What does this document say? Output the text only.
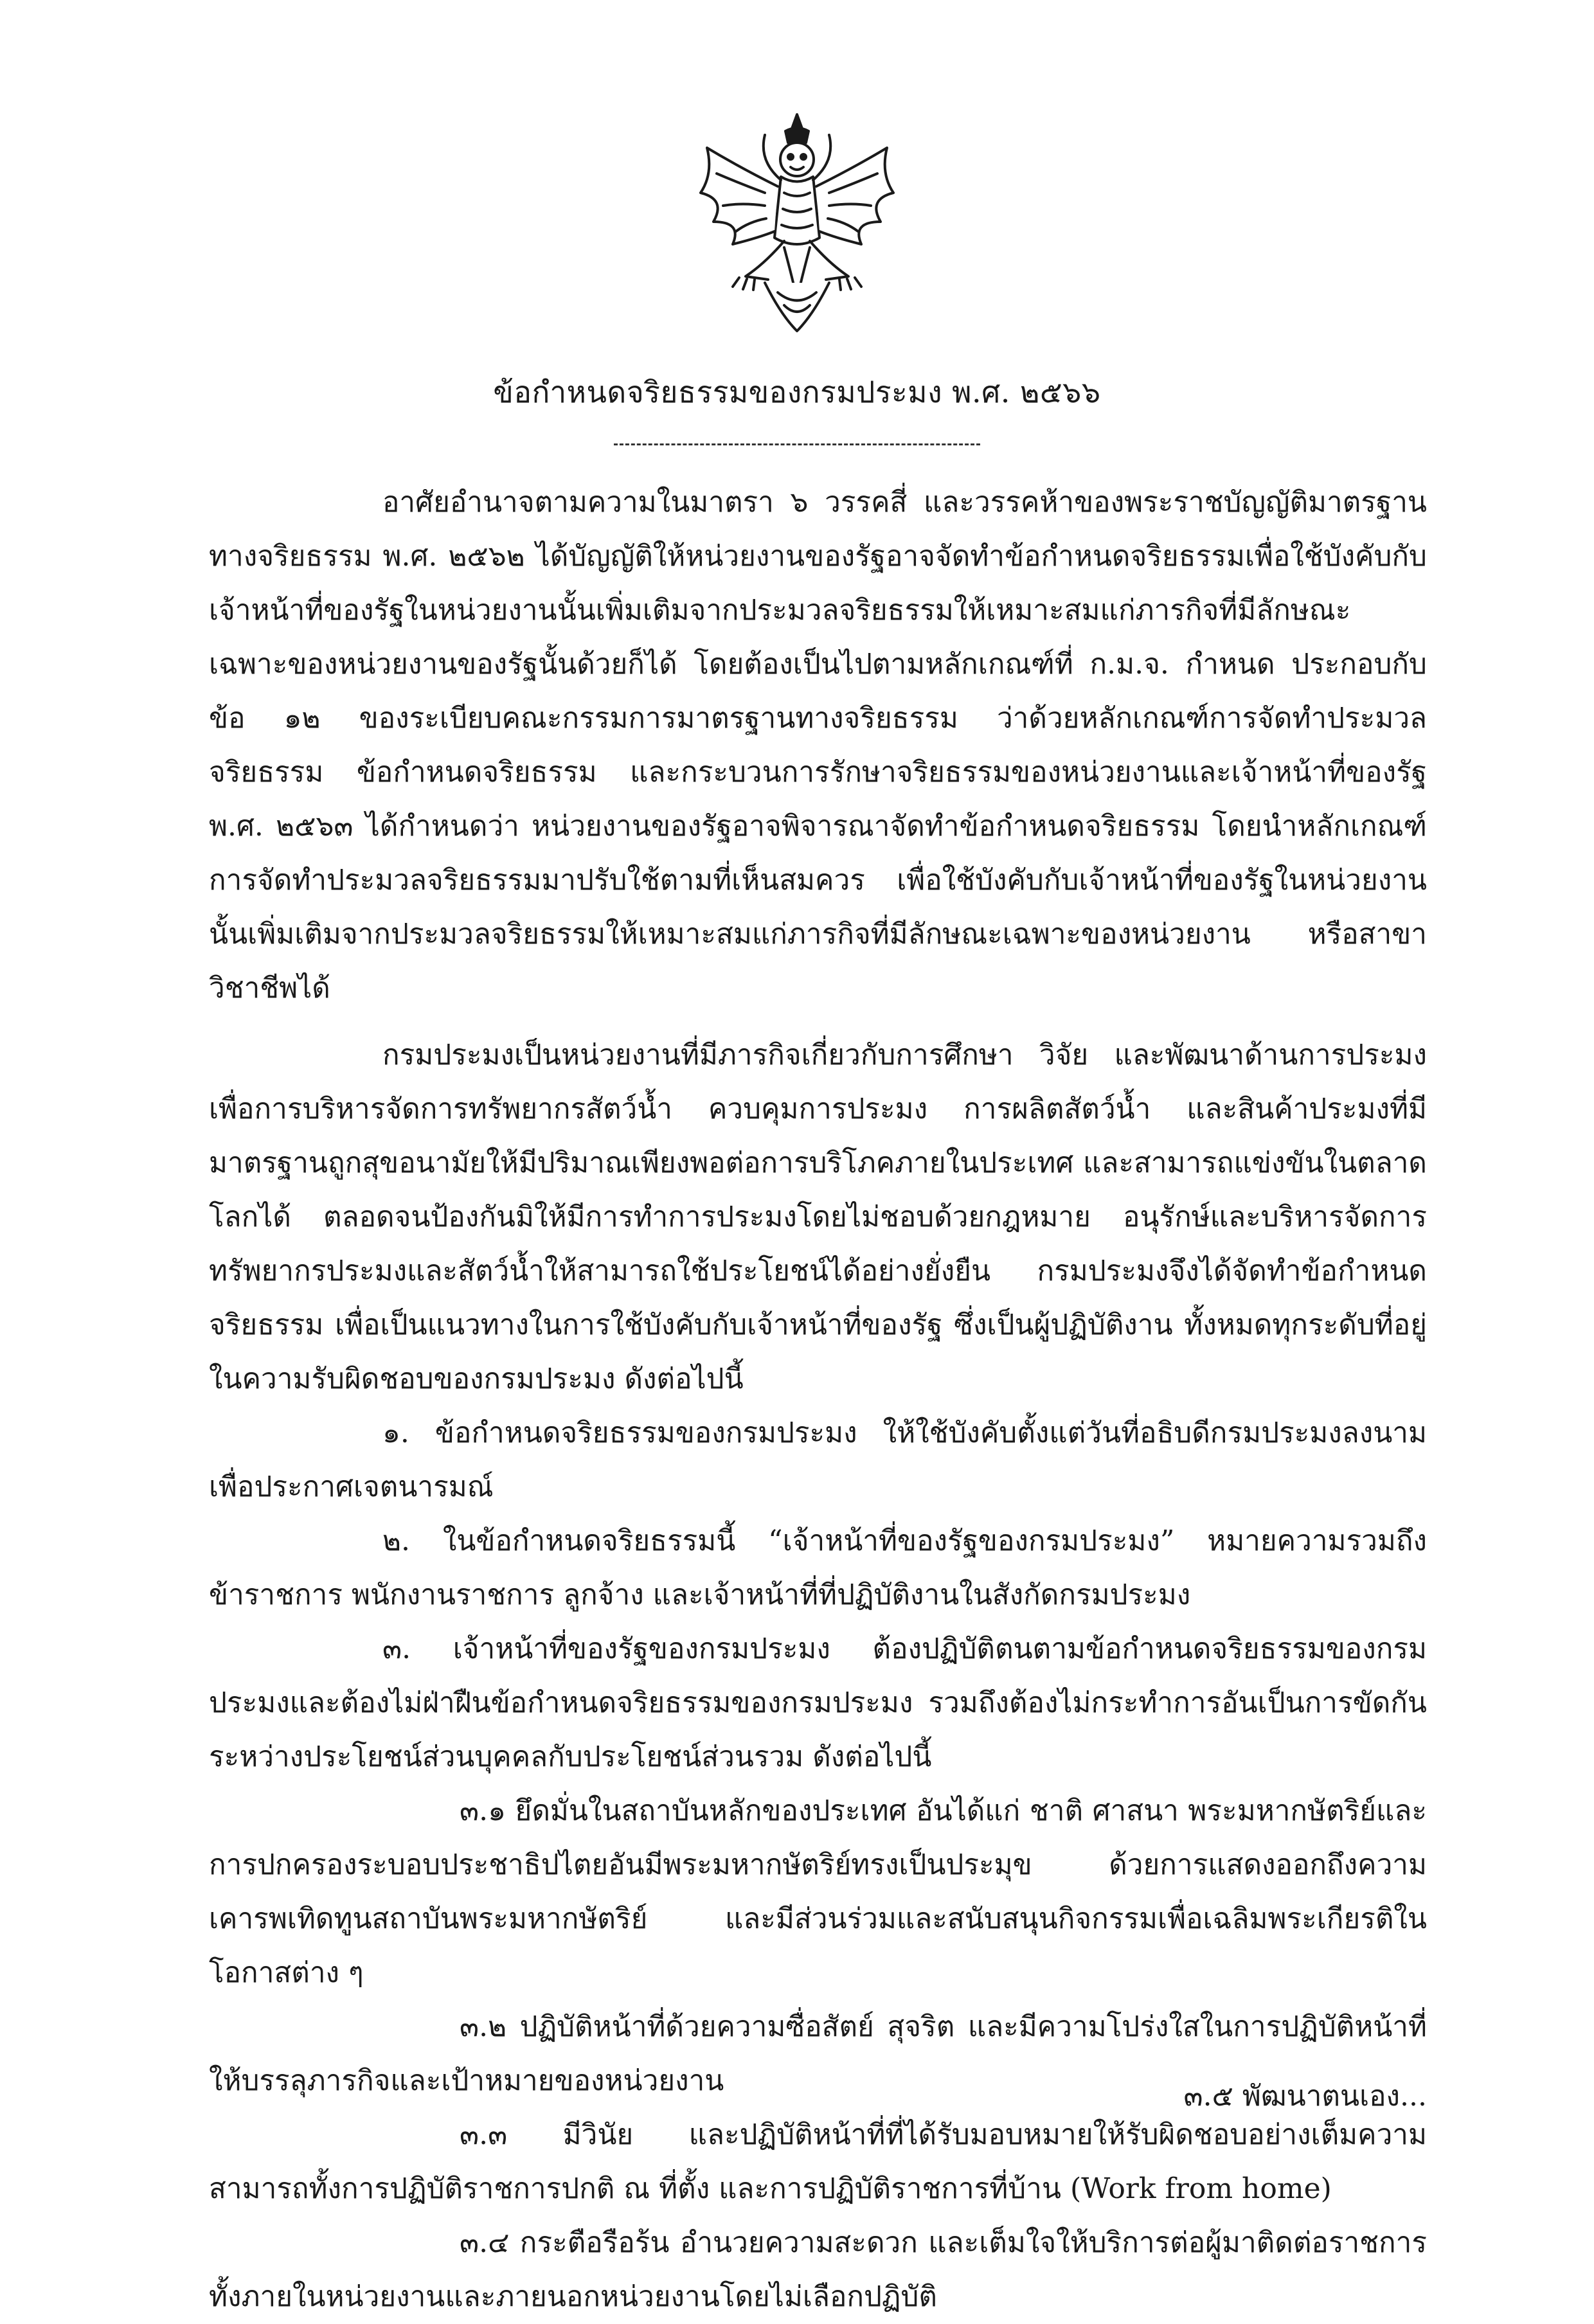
ข้อกำหนดจริยธรรมของกรมประมง พ.ศ. ๒๕๖๖

อาศัยอำนาจตามความในมาตรา ๖ วรรคสี่ และวรรคห้าของพระราชบัญญัติมาตรฐานทางจริยธรรม พ.ศ. ๒๕๖๒ ได้บัญญัติให้หน่วยงานของรัฐอาจจัดทำข้อกำหนดจริยธรรมเพื่อใช้บังคับกับเจ้าหน้าที่ของรัฐในหน่วยงานนั้นเพิ่มเติมจากประมวลจริยธรรมให้เหมาะสมแก่ภารกิจที่มีลักษณะเฉพาะของหน่วยงานของรัฐนั้นด้วยก็ได้ โดยต้องเป็นไปตามหลักเกณฑ์ที่ ก.ม.จ. กำหนด ประกอบกับข้อ ๑๒ ของระเบียบคณะกรรมการมาตรฐานทางจริยธรรม ว่าด้วยหลักเกณฑ์การจัดทำประมวลจริยธรรม ข้อกำหนดจริยธรรม และกระบวนการรักษาจริยธรรมของหน่วยงานและเจ้าหน้าที่ของรัฐ พ.ศ. ๒๕๖๓ ได้กำหนดว่า หน่วยงานของรัฐอาจพิจารณาจัดทำข้อกำหนดจริยธรรม โดยนำหลักเกณฑ์การจัดทำประมวลจริยธรรมมาปรับใช้ตามที่เห็นสมควร เพื่อใช้บังคับกับเจ้าหน้าที่ของรัฐในหน่วยงานนั้นเพิ่มเติมจากประมวลจริยธรรมให้เหมาะสมแก่ภารกิจที่มีลักษณะเฉพาะของหน่วยงาน หรือสาขาวิชาชีพได้

กรมประมงเป็นหน่วยงานที่มีภารกิจเกี่ยวกับการศึกษา วิจัย และพัฒนาด้านการประมงเพื่อการบริหารจัดการทรัพยากรสัตว์น้ำ ควบคุมการประมง การผลิตสัตว์น้ำ และสินค้าประมงที่มีมาตรฐานถูกสุขอนามัยให้มีปริมาณเพียงพอต่อการบริโภคภายในประเทศ และสามารถแข่งขันในตลาดโลกได้ ตลอดจนป้องกันมิให้มีการทำการประมงโดยไม่ชอบด้วยกฎหมาย อนุรักษ์และบริหารจัดการทรัพยากรประมงและสัตว์น้ำให้สามารถใช้ประโยชน์ได้อย่างยั่งยืน กรมประมงจึงได้จัดทำข้อกำหนดจริยธรรม เพื่อเป็นแนวทางในการใช้บังคับกับเจ้าหน้าที่ของรัฐ ซึ่งเป็นผู้ปฏิบัติงาน ทั้งหมดทุกระดับที่อยู่ในความรับผิดชอบของกรมประมง ดังต่อไปนี้

๑. ข้อกำหนดจริยธรรมของกรมประมง ให้ใช้บังคับตั้งแต่วันที่อธิบดีกรมประมงลงนามเพื่อประกาศเจตนารมณ์

๒. ในข้อกำหนดจริยธรรมนี้ “เจ้าหน้าที่ของรัฐของกรมประมง” หมายความรวมถึงข้าราชการ พนักงานราชการ ลูกจ้าง และเจ้าหน้าที่ที่ปฏิบัติงานในสังกัดกรมประมง

๓. เจ้าหน้าที่ของรัฐของกรมประมง ต้องปฏิบัติตนตามข้อกำหนดจริยธรรมของกรมประมงและต้องไม่ฝ่าฝืนข้อกำหนดจริยธรรมของกรมประมง รวมถึงต้องไม่กระทำการอันเป็นการขัดกันระหว่างประโยชน์ส่วนบุคคลกับประโยชน์ส่วนรวม ดังต่อไปนี้

๓.๑ ยึดมั่นในสถาบันหลักของประเทศ อันได้แก่ ชาติ ศาสนา พระมหากษัตริย์และการปกครองระบอบประชาธิปไตยอันมีพระมหากษัตริย์ทรงเป็นประมุข ด้วยการแสดงออกถึงความเคารพเทิดทูนสถาบันพระมหากษัตริย์ และมีส่วนร่วมและสนับสนุนกิจกรรมเพื่อเฉลิมพระเกียรติในโอกาสต่าง ๆ

๓.๒ ปฏิบัติหน้าที่ด้วยความซื่อสัตย์ สุจริต และมีความโปร่งใสในการปฏิบัติหน้าที่ให้บรรลุภารกิจและเป้าหมายของหน่วยงาน

๓.๓ มีวินัย และปฏิบัติหน้าที่ที่ได้รับมอบหมายให้รับผิดชอบอย่างเต็มความสามารถทั้งการปฏิบัติราชการปกติ ณ ที่ตั้ง และการปฏิบัติราชการที่บ้าน (Work from home)

๓.๔ กระตือรือร้น อำนวยความสะดวก และเต็มใจให้บริการต่อผู้มาติดต่อราชการทั้งภายในหน่วยงานและภายนอกหน่วยงานโดยไม่เลือกปฏิบัติ

๓.๕ พัฒนาตนเอง...
